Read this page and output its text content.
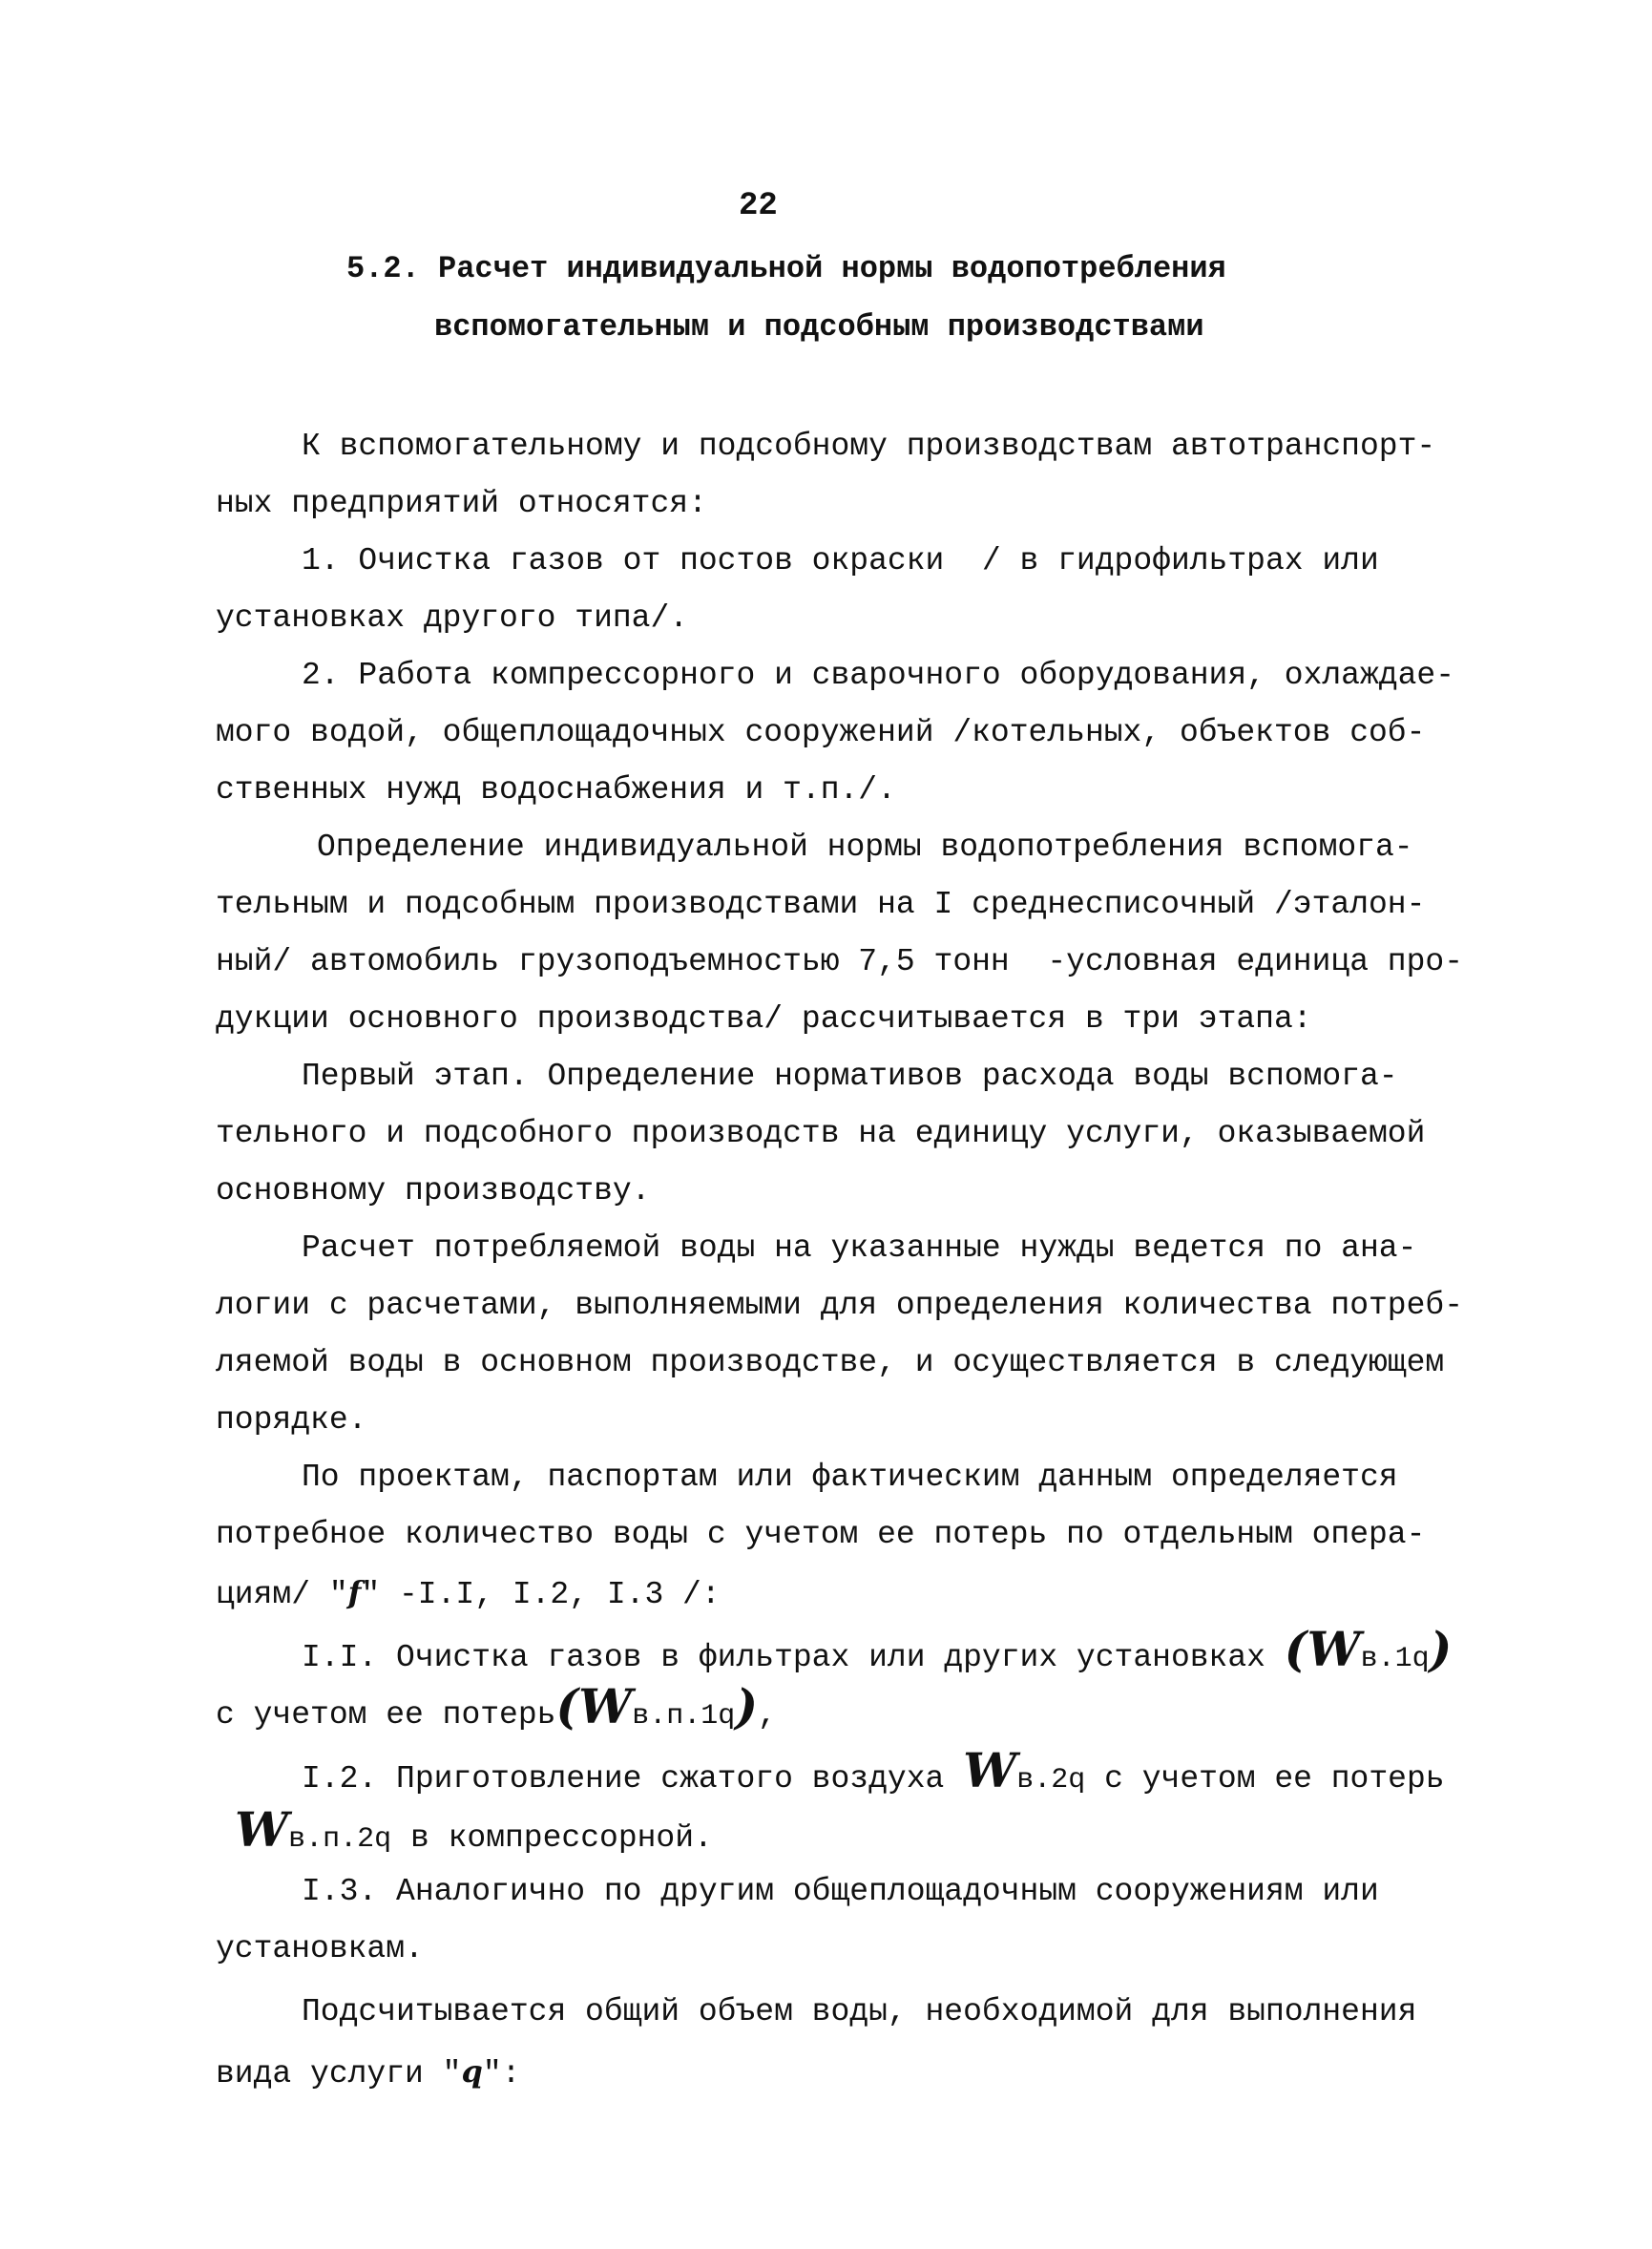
22
5.2. Расчет индивидуальной нормы водопотребления
вспомогательным и подсобным производствами
К вспомогательному и подсобному производствам автотранспорт-
ных предприятий относятся:
1. Очистка газов от постов окраски  / в гидрофильтрах или
установках другого типа/.
2. Работа компрессорного и сварочного оборудования, охлаждае-
мого водой, общеплощадочных сооружений /котельных, объектов соб-
ственных нужд водоснабжения и т.п./.
Определение индивидуальной нормы водопотребления вспомога-
тельным и подсобным производствами на I среднесписочный /эталон-
ный/ автомобиль грузоподъемностью 7,5 тонн  -условная единица про-
дукции основного производства/ рассчитывается в три этапа:
Первый этап. Определение нормативов расхода воды вспомога-
тельного и подсобного производств на единицу услуги, оказываемой
основному производству.
Расчет потребляемой воды на указанные нужды ведется по ана-
логии с расчетами, выполняемыми для определения количества потреб-
ляемой воды в основном производстве, и осуществляется в следующем
порядке.
По проектам, паспортам или фактическим данным определяется
потребное количество воды с учетом ее потерь по отдельным опера-
циям/ "f" -I.I, I.2, I.3 /:
I.I. Очистка газов в фильтрах или других установках (Wв.1q)
с учетом ее потерь(Wв.п.1q),
I.2. Приготовление сжатого воздуха Wв.2q с учетом ее потерь
Wв.п.2q в компрессорной.
I.3. Аналогично по другим общеплощадочным сооружениям или
установкам.
Подсчитывается общий объем воды, необходимой для выполнения
вида услуги "q":
